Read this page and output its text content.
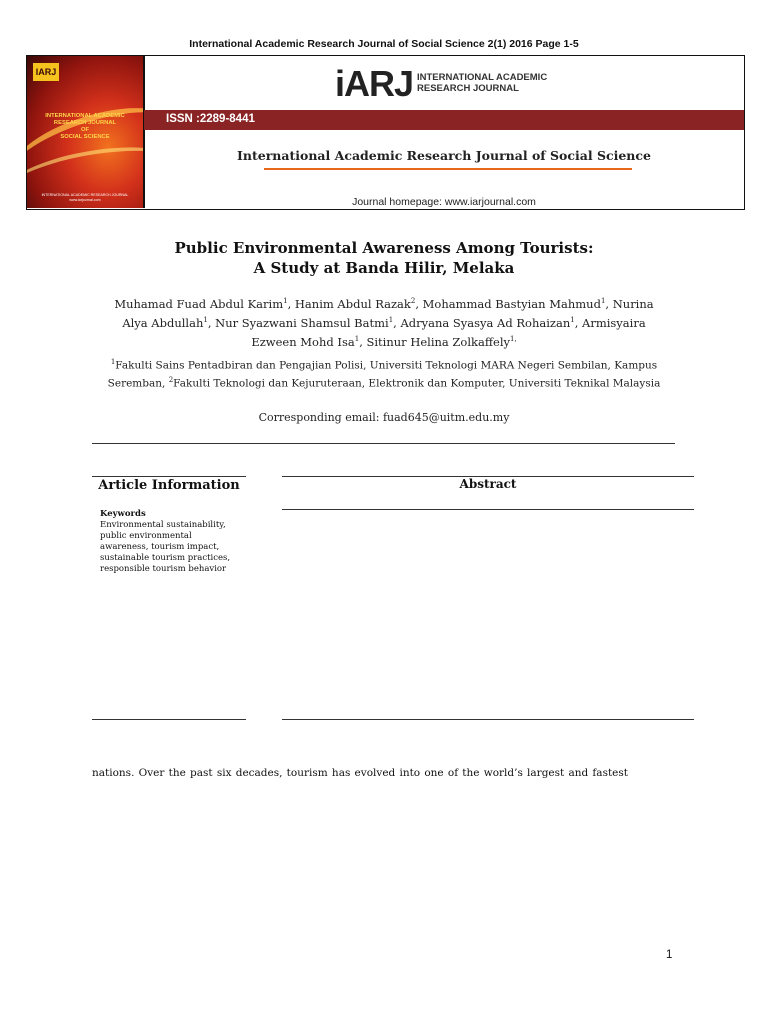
International Academic Research Journal of Social Science 2(1) 2016 Page 1-5
IARJ
INTERNATIONAL ACADEMIC
RESEARCH JOURNAL
OF
SOCIAL SCIENCE
INTERNATIONAL ACADEMIC RESEARCH JOURNAL
www.iarjournal.com
iARJ INTERNATIONAL ACADEMIC
RESEARCH JOURNAL
ISSN :2289-8441
International Academic Research Journal of Social Science
Journal homepage: www.iarjournal.com
Public Environmental Awareness Among Tourists:
A Study at Banda Hilir, Melaka
Muhamad Fuad Abdul Karim$^1$, Hanim Abdul Razak$^2$, Mohammad Bastyian Mahmud$^1$, Nurina Alya Abdullah$^1$, Nur Syazwani Shamsul Batmi$^1$, Adryana Syasya Ad Rohaizan$^1$, Armisyaira Ezween Mohd Isa$^1$, Sitinur Helina Zolkaffely$^{1,}$
$^1$Fakulti Sains Pentadbiran dan Pengajian Polisi, Universiti Teknologi MARA Negeri Sembilan, Kampus Seremban, $^2$Fakulti Teknologi dan Kejuruteraan, Elektronik dan Komputer, Universiti Teknikal Malaysia
Corresponding email: fuad645@uitm.edu.my
Article Information
Keywords
Environmental sustainability,
public environmental
awareness, tourism impact,
sustainable tourism practices,
responsible tourism behavior
Abstract
nations. Over the past six decades, tourism has evolved into one of the world’s largest and fastest
1
